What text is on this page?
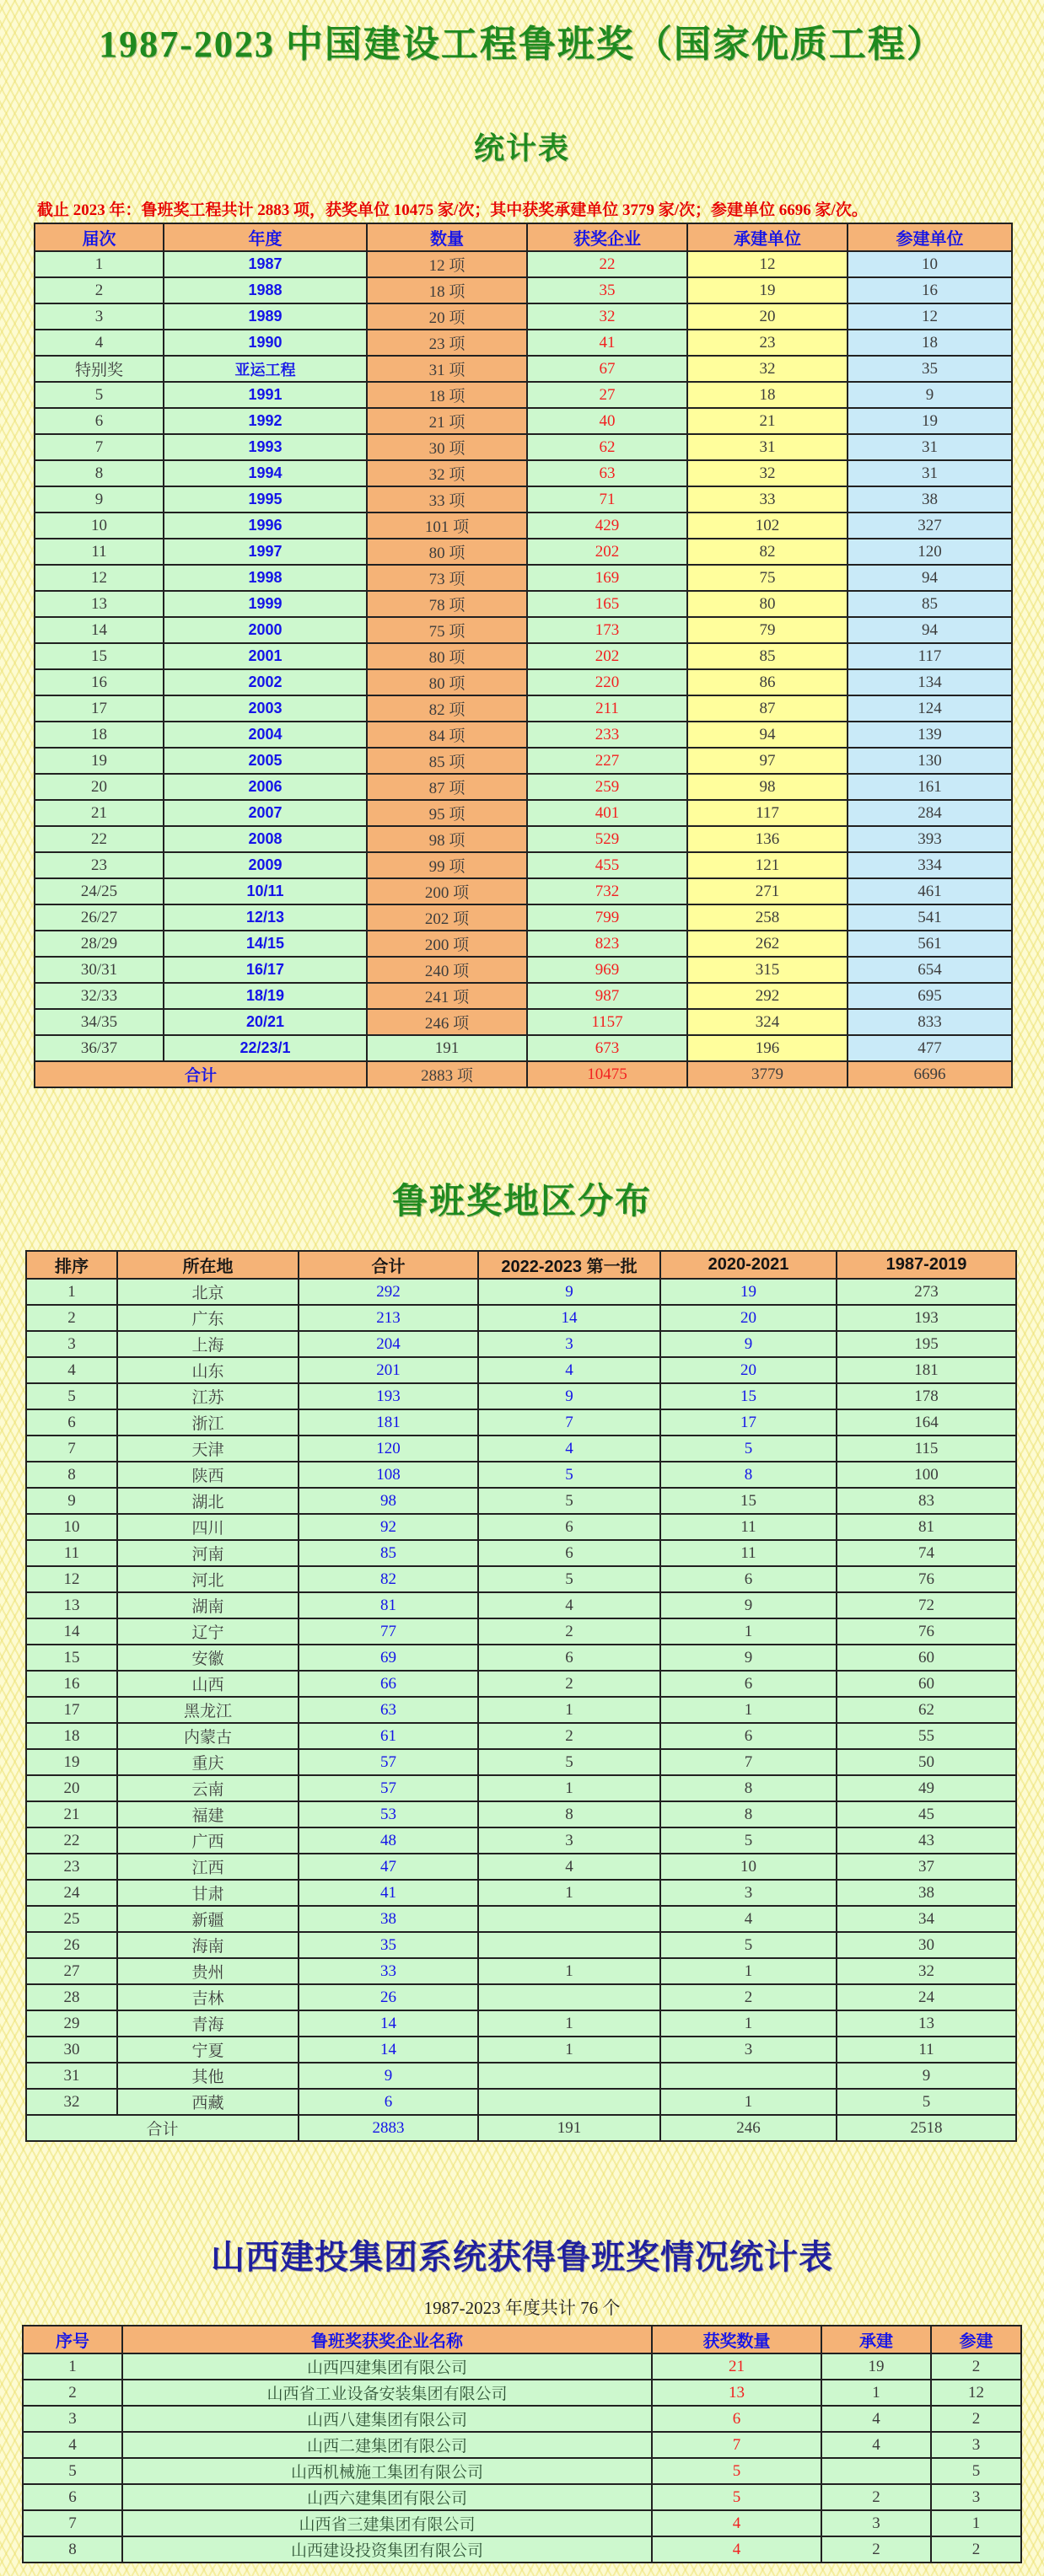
1987-2023 中国建设工程鲁班奖（国家优质工程）
统计表
截止 2023 年：鲁班奖工程共计 2883 项，获奖单位 10475 家/次；其中获奖承建单位 3779 家/次；参建单位 6696 家/次。
届次	年度	数量	获奖企业	承建单位	参建单位
1	1987	12 项	22	12	10
2	1988	18 项	35	19	16
3	1989	20 项	32	20	12
4	1990	23 项	41	23	18
特别奖	亚运工程	31 项	67	32	35
5	1991	18 项	27	18	9
6	1992	21 项	40	21	19
7	1993	30 项	62	31	31
8	1994	32 项	63	32	31
9	1995	33 项	71	33	38
10	1996	101 项	429	102	327
11	1997	80 项	202	82	120
12	1998	73 项	169	75	94
13	1999	78 项	165	80	85
14	2000	75 项	173	79	94
15	2001	80 项	202	85	117
16	2002	80 项	220	86	134
17	2003	82 项	211	87	124
18	2004	84 项	233	94	139
19	2005	85 项	227	97	130
20	2006	87 项	259	98	161
21	2007	95 项	401	117	284
22	2008	98 项	529	136	393
23	2009	99 项	455	121	334
24/25	10/11	200 项	732	271	461
26/27	12/13	202 项	799	258	541
28/29	14/15	200 项	823	262	561
30/31	16/17	240 项	969	315	654
32/33	18/19	241 项	987	292	695
34/35	20/21	246 项	1157	324	833
36/37	22/23/1	191	673	196	477
合计		2883 项	10475	3779	6696
鲁班奖地区分布
排序	所在地	合计	2022-2023 第一批	2020-2021	1987-2019
1	北京	292	9	19	273
2	广东	213	14	20	193
3	上海	204	3	9	195
4	山东	201	4	20	181
5	江苏	193	9	15	178
6	浙江	181	7	17	164
7	天津	120	4	5	115
8	陕西	108	5	8	100
9	湖北	98	5	15	83
10	四川	92	6	11	81
11	河南	85	6	11	74
12	河北	82	5	6	76
13	湖南	81	4	9	72
14	辽宁	77	2	1	76
15	安徽	69	6	9	60
16	山西	66	2	6	60
17	黑龙江	63	1	1	62
18	内蒙古	61	2	6	55
19	重庆	57	5	7	50
20	云南	57	1	8	49
21	福建	53	8	8	45
22	广西	48	3	5	43
23	江西	47	4	10	37
24	甘肃	41	1	3	38
25	新疆	38		4	34
26	海南	35		5	30
27	贵州	33	1	1	32
28	吉林	26		2	24
29	青海	14	1	1	13
30	宁夏	14	1	3	11
31	其他	9			9
32	西藏	6		1	5
合计		2883	191	246	2518
山西建投集团系统获得鲁班奖情况统计表
1987-2023 年度共计 76 个
序号	鲁班奖获奖企业名称	获奖数量	承建	参建
1	山西四建集团有限公司	21	19	2
2	山西省工业设备安装集团有限公司	13	1	12
3	山西八建集团有限公司	6	4	2
4	山西二建集团有限公司	7	4	3
5	山西机械施工集团有限公司	5		5
6	山西六建集团有限公司	5	2	3
7	山西省三建集团有限公司	4	3	1
8	山西建设投资集团有限公司	4	2	2
